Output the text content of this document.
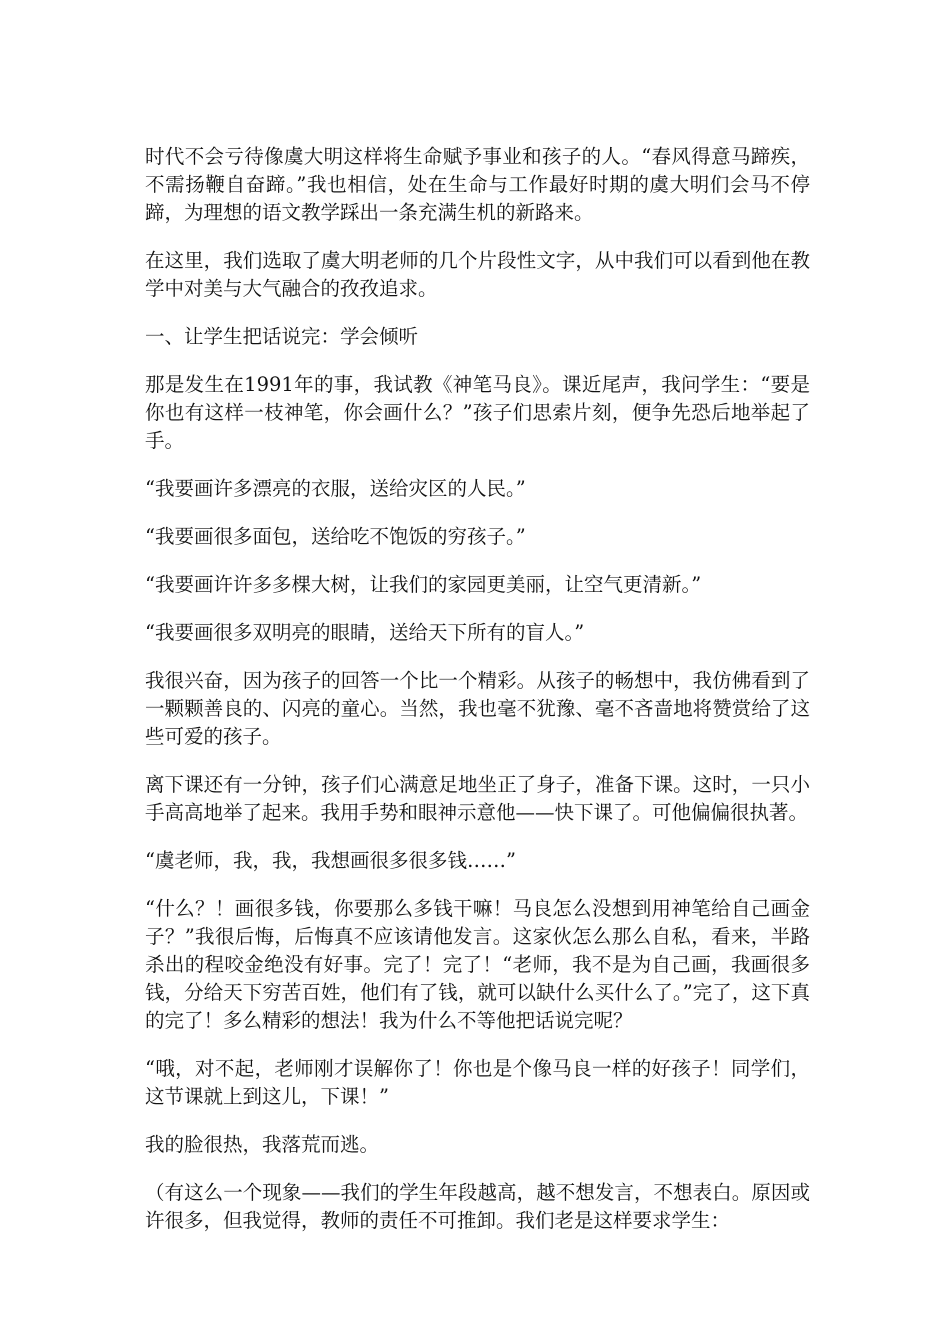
时代不会亏待像虞大明这样将生命赋予事业和孩子的人。“春风得意马蹄疾，不需扬鞭自奋蹄。”我也相信，处在生命与工作最好时期的虞大明们会马不停蹄，为理想的语文教学踩出一条充满生机的新路来。

在这里，我们选取了虞大明老师的几个片段性文字，从中我们可以看到他在教学中对美与大气融合的孜孜追求。

一、让学生把话说完：学会倾听

那是发生在1991年的事，我试教《神笔马良》。课近尾声，我问学生：“要是你也有这样一枝神笔，你会画什么？”孩子们思索片刻，便争先恐后地举起了手。

“我要画许多漂亮的衣服，送给灾区的人民。”

“我要画很多面包，送给吃不饱饭的穷孩子。”

“我要画许许多多棵大树，让我们的家园更美丽，让空气更清新。”

“我要画很多双明亮的眼睛，送给天下所有的盲人。”

我很兴奋，因为孩子的回答一个比一个精彩。从孩子的畅想中，我仿佛看到了一颗颗善良的、闪亮的童心。当然，我也毫不犹豫、毫不吝啬地将赞赏给了这些可爱的孩子。

离下课还有一分钟，孩子们心满意足地坐正了身子，准备下课。这时，一只小手高高地举了起来。我用手势和眼神示意他——快下课了。可他偏偏很执著。

“虞老师，我，我，我想画很多很多钱……”

“什么？！画很多钱，你要那么多钱干嘛！马良怎么没想到用神笔给自己画金子？”我很后悔，后悔真不应该请他发言。这家伙怎么那么自私，看来，半路杀出的程咬金绝没有好事。完了！完了！“老师，我不是为自己画，我画很多钱，分给天下穷苦百姓，他们有了钱，就可以缺什么买什么了。”完了，这下真的完了！多么精彩的想法！我为什么不等他把话说完呢？

“哦，对不起，老师刚才误解你了！你也是个像马良一样的好孩子！同学们，这节课就上到这儿，下课！”

我的脸很热，我落荒而逃。

（有这么一个现象——我们的学生年段越高，越不想发言，不想表白。原因或许很多，但我觉得，教师的责任不可推卸。我们老是这样要求学生：
